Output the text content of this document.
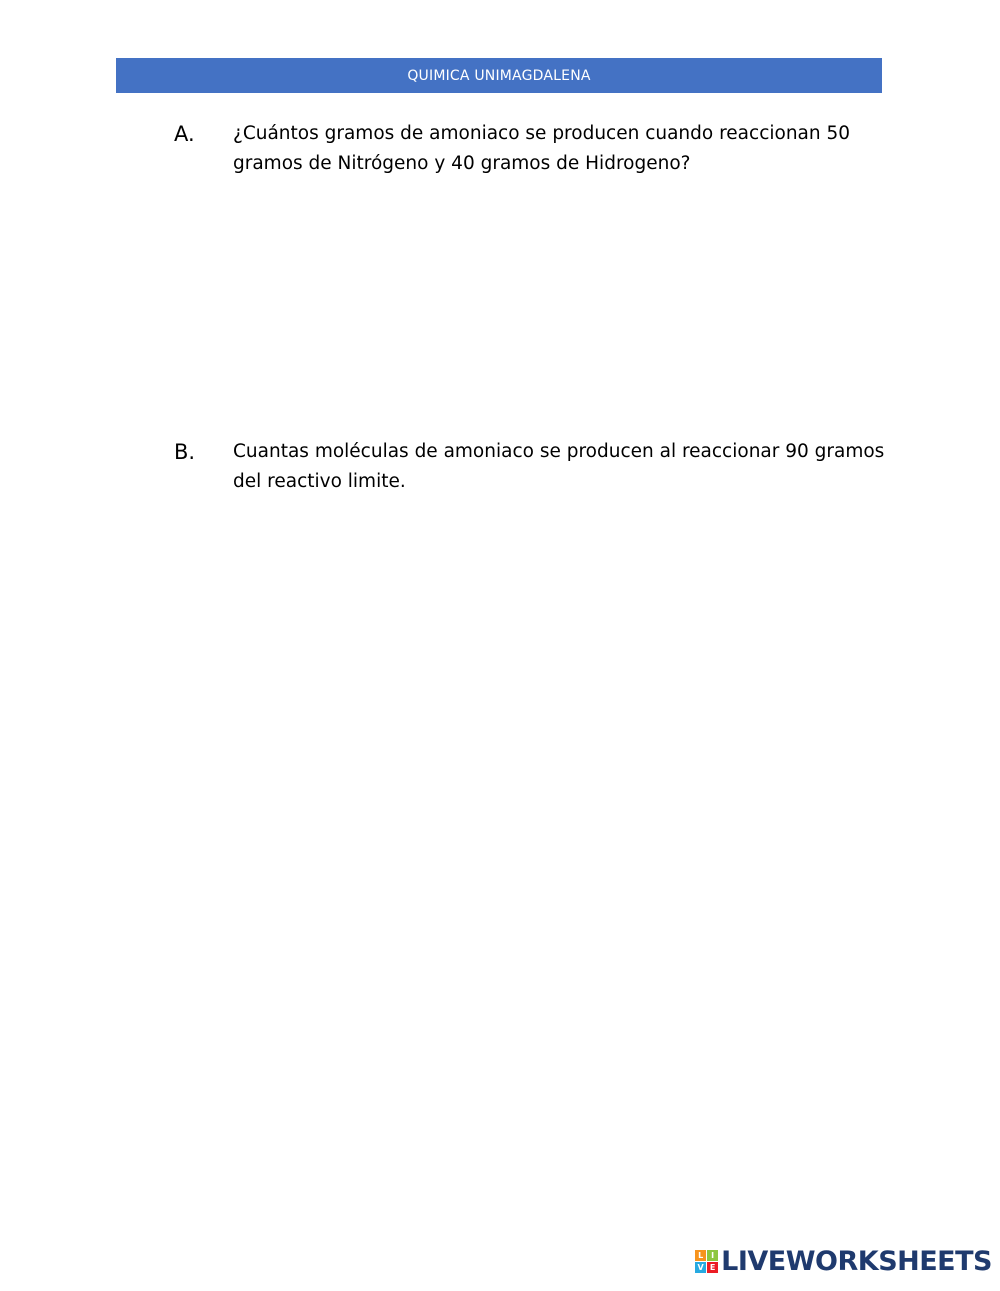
QUIMICA UNIMAGDALENA
A.	¿Cuántos gramos de amoniaco se producen cuando reaccionan 50 gramos de Nitrógeno y 40 gramos de Hidrogeno?
B.	Cuantas moléculas de amoniaco se producen al reaccionar 90 gramos del reactivo limite.
L I
V E LIVEWORKSHEETS
